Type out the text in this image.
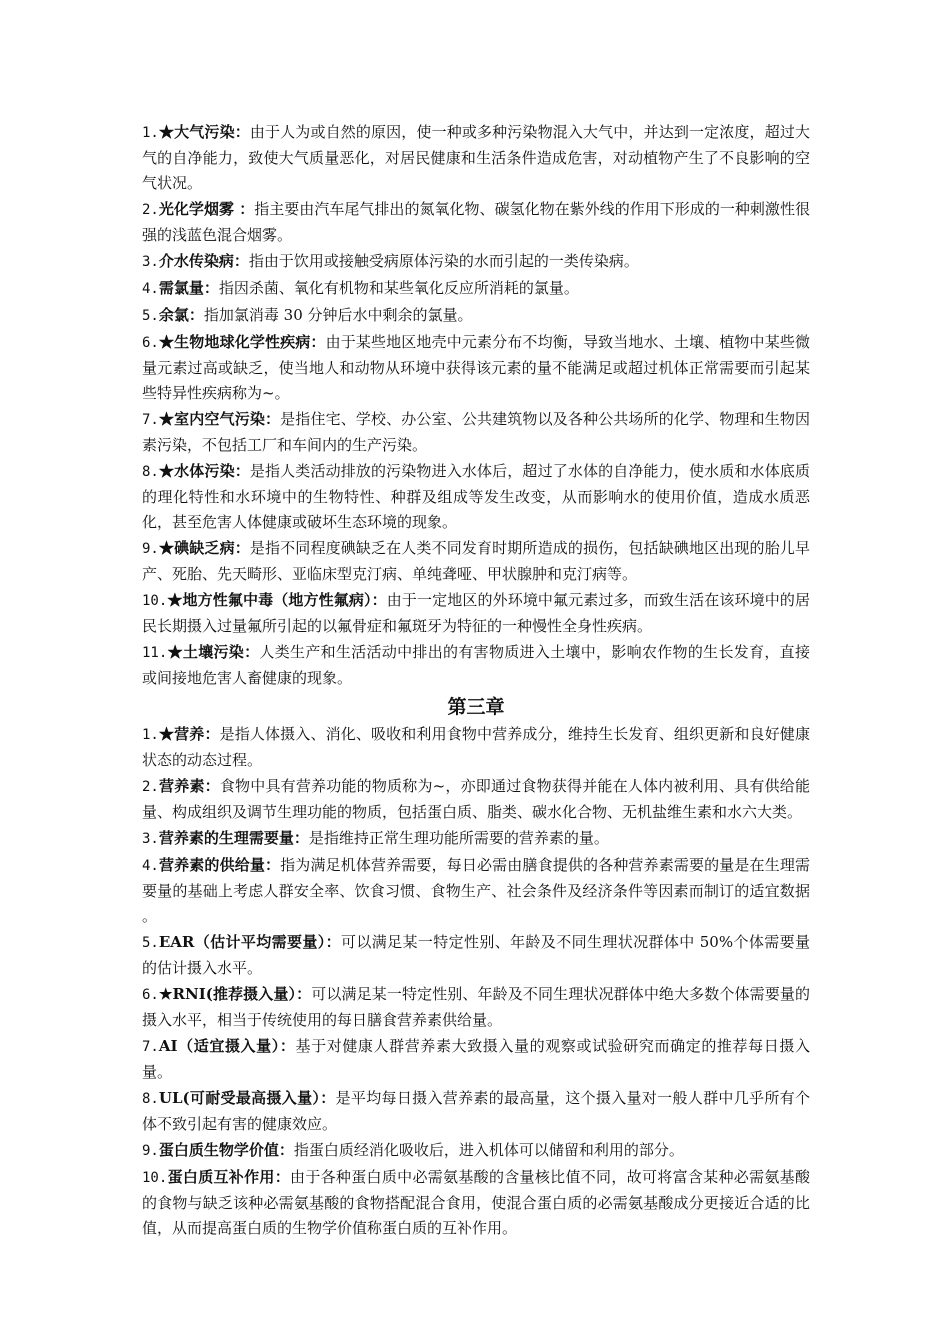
1.★大气污染：由于人为或自然的原因，使一种或多种污染物混入大气中，并达到一定浓度，超过大气的自净能力，致使大气质量恶化，对居民健康和生活条件造成危害，对动植物产生了不良影响的空气状况。

2.光化学烟雾 ：指主要由汽车尾气排出的氮氧化物、碳氢化物在紫外线的作用下形成的一种刺激性很强的浅蓝色混合烟雾。

3.介水传染病：指由于饮用或接触受病原体污染的水而引起的一类传染病。

4.需氯量：指因杀菌、氧化有机物和某些氧化反应所消耗的氯量。

5.余氯：指加氯消毒 30 分钟后水中剩余的氯量。

6.★生物地球化学性疾病：由于某些地区地壳中元素分布不均衡，导致当地水、土壤、植物中某些微量元素过高或缺乏，使当地人和动物从环境中获得该元素的量不能满足或超过机体正常需要而引起某些特异性疾病称为~。

7.★室内空气污染：是指住宅、学校、办公室、公共建筑物以及各种公共场所的化学、物理和生物因素污染，不包括工厂和车间内的生产污染。

8.★水体污染：是指人类活动排放的污染物进入水体后，超过了水体的自净能力，使水质和水体底质的理化特性和水环境中的生物特性、种群及组成等发生改变，从而影响水的使用价值，造成水质恶化，甚至危害人体健康或破坏生态环境的现象。

9.★碘缺乏病：是指不同程度碘缺乏在人类不同发育时期所造成的损伤，包括缺碘地区出现的胎儿早产、死胎、先天畸形、亚临床型克汀病、单纯聋哑、甲状腺肿和克汀病等。

10.★地方性氟中毒（地方性氟病）：由于一定地区的外环境中氟元素过多，而致生活在该环境中的居民长期摄入过量氟所引起的以氟骨症和氟斑牙为特征的一种慢性全身性疾病。

11.★土壤污染：人类生产和生活活动中排出的有害物质进入土壤中，影响农作物的生长发育，直接或间接地危害人畜健康的现象。

第三章

1.★营养：是指人体摄入、消化、吸收和利用食物中营养成分，维持生长发育、组织更新和良好健康状态的动态过程。

2.营养素：食物中具有营养功能的物质称为~，亦即通过食物获得并能在人体内被利用、具有供给能量、构成组织及调节生理功能的物质，包括蛋白质、脂类、碳水化合物、无机盐维生素和水六大类。

3.营养素的生理需要量：是指维持正常生理功能所需要的营养素的量。

4.营养素的供给量：指为满足机体营养需要，每日必需由膳食提供的各种营养素需要的量是在生理需要量的基础上考虑人群安全率、饮食习惯、食物生产、社会条件及经济条件等因素而制订的适宜数据 。

5.EAR（估计平均需要量）：可以满足某一特定性别、年龄及不同生理状况群体中 50%个体需要量的估计摄入水平。

6.★RNI(推荐摄入量）：可以满足某一特定性别、年龄及不同生理状况群体中绝大多数个体需要量的摄入水平，相当于传统使用的每日膳食营养素供给量。

7.AI（适宜摄入量）：基于对健康人群营养素大致摄入量的观察或试验研究而确定的推荐每日摄入量。

8.UL(可耐受最高摄入量）：是平均每日摄入营养素的最高量，这个摄入量对一般人群中几乎所有个体不致引起有害的健康效应。

9.蛋白质生物学价值：指蛋白质经消化吸收后，进入机体可以储留和利用的部分。

10.蛋白质互补作用：由于各种蛋白质中必需氨基酸的含量核比值不同，故可将富含某种必需氨基酸的食物与缺乏该种必需氨基酸的食物搭配混合食用，使混合蛋白质的必需氨基酸成分更接近合适的比值，从而提高蛋白质的生物学价值称蛋白质的互补作用。
